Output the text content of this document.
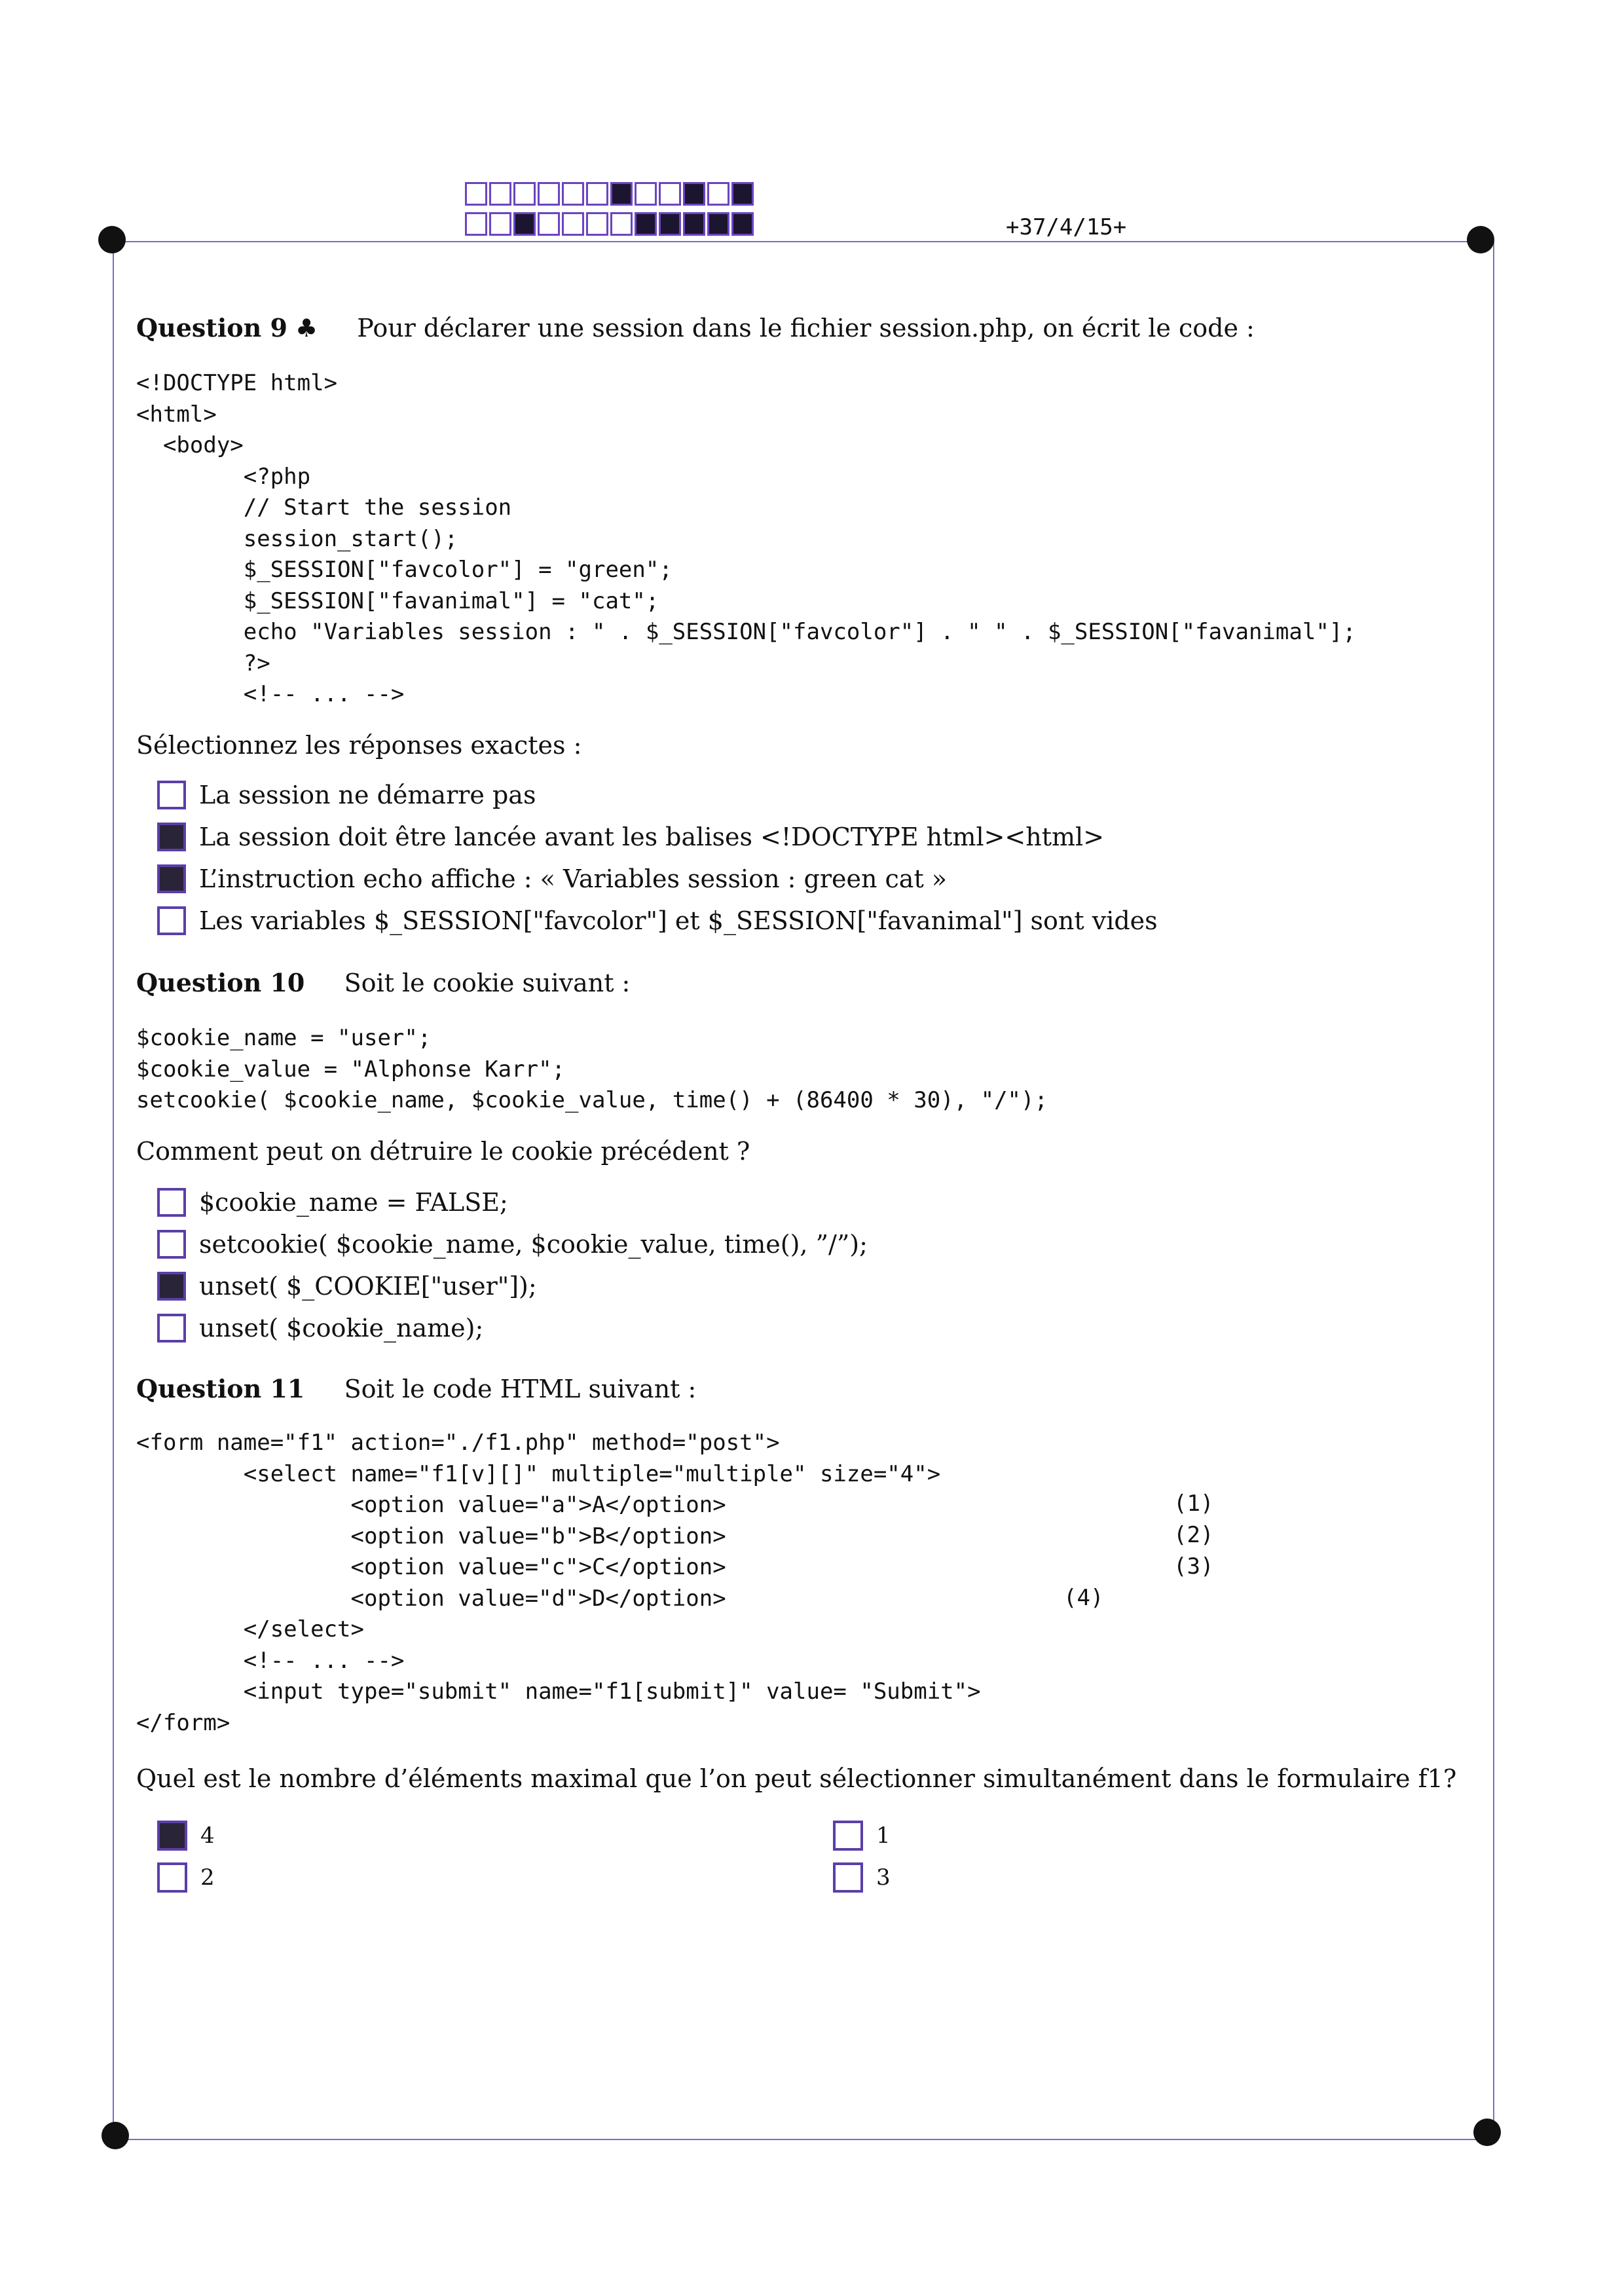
+37/4/15+
Question 9 ♣ Pour déclarer une session dans le fichier session.php, on écrit le code :
<!DOCTYPE html>
<html>
<body>
<?php
// Start the session
session_start();
$_SESSION["favcolor"] = "green";
$_SESSION["favanimal"] = "cat";
echo "Variables session : " . $_SESSION["favcolor"] . " " . $_SESSION["favanimal"];
?>
<!-- ... -->
Sélectionnez les réponses exactes :
La session ne démarre pas
La session doit être lancée avant les balises <!DOCTYPE html><html>
L’instruction echo affiche : « Variables session : green cat »
Les variables $_SESSION["favcolor"] et $_SESSION["favanimal"] sont vides
Question 10 Soit le cookie suivant :
$cookie_name = "user";
$cookie_value = "Alphonse Karr";
setcookie( $cookie_name, $cookie_value, time() + (86400 * 30), "/");
Comment peut on détruire le cookie précédent ?
$cookie_name = FALSE;
setcookie( $cookie_name, $cookie_value, time(), ”/”);
unset( $_COOKIE["user"]);
unset( $cookie_name);
Question 11 Soit le code HTML suivant :
<form name="f1" action="./f1.php" method="post">
<select name="f1[v][]" multiple="multiple" size="4">
<option value="a">A</option>
<option value="b">B</option>
<option value="c">C</option>
<option value="d">D</option>
</select>
<!-- ... -->
<input type="submit" name="f1[submit]" value= "Submit">
</form>
(1)
(2)
(3)
(4)
Quel est le nombre d’éléments maximal que l’on peut sélectionner simultanément dans le formulaire f1?
4
2
1
3
